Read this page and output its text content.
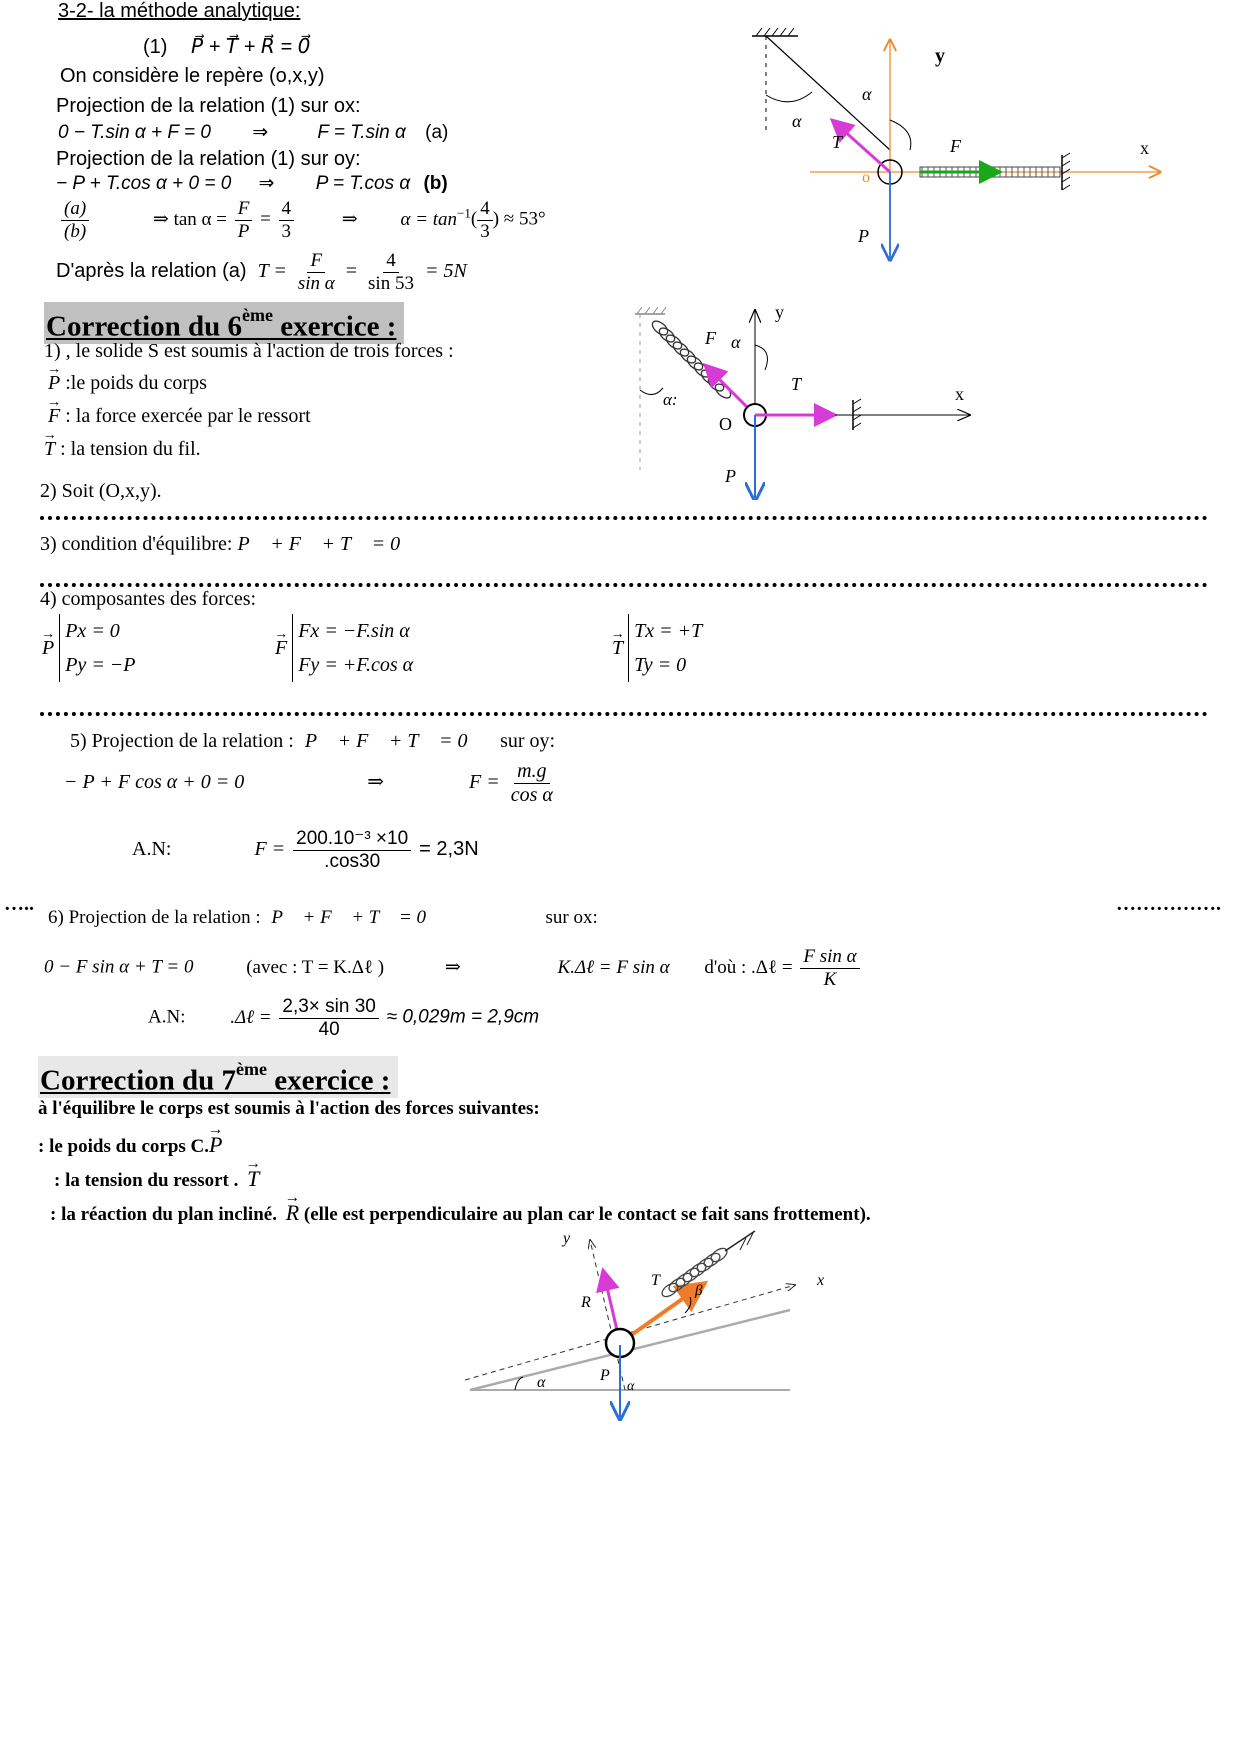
3-2- la méthode analytique:
(1) P⃗ + T⃗ + R⃗ = 0⃗
On considère le repère (o,x,y)
Projection de la relation (1) sur ox:
0 − T.sin α + F = 0 ⇒	F = T.sin α (a)
Projection de la relation (1) sur oy:
− P + T.cos α + 0 = 0 ⇒ P = T.cos α (b)
$\frac{(a)}{(b)}$	⇒ $\tan \alpha = \frac{F}{P} = \frac{4}{3}$	⇒ $\alpha = \tan^{-1}( \frac{4}{3}$ ) ≈ 53°
D'après la relation (a) $T = \frac{F}{\text{sin α}} = \frac{4}{\sin 53} = 5N$
y
x
o
α
α
T	F
P
Correction du 6ème exercice :
1) , le solide S est soumis à l'action de trois forces :
→ P :le poids du corps
→ F : la force exercée par le ressort
→ T : la tension du fil.
2) Soit (O,x,y).
y
x
O
α
α:
F
T
P
3) condition d'équilibre: P⃗ + F⃗ + T⃗ = 0⃗
4) composantes des forces:
→ P Px = 0
Py = −P
→ F Fx = −F.sin α
Fy = +F.cos α
→ T Tx = +T
Ty = 0
5) Projection de la relation : P⃗ + F⃗ + T⃗ = 0⃗ sur oy:
− P + F cos α + 0 = 0	⇒	$F = \frac{m.g}{\text{cos α}}$
A.N:	$F = \frac{\text{200.10⁻³ ×10}}{.\cos 30} = 2,3N$
…..	…………….
6) Projection de la relation : P⃗ + F⃗ + T⃗ = 0⃗	sur ox:
0 − F sin α + T = 0	(avec : T = K.Δℓ )	⇒	K.Δℓ = F sin α d'où : .Δℓ = $\frac{\text{F sin α}}{K}$
A.N: .Δℓ = $\frac{2,3\times \sin 30}{40} \approx 0,029m = 2,9cm$
Correction du 7ème exercice :
à l'équilibre le corps est soumis à l'action des forces suivantes:
: le poids du corps C.→ P
: la tension du ressort . → T
: la réaction du plan incliné. → R (elle est perpendiculaire au plan car le contact se fait sans frottement).
y
x
R
T
β
α	P
α
